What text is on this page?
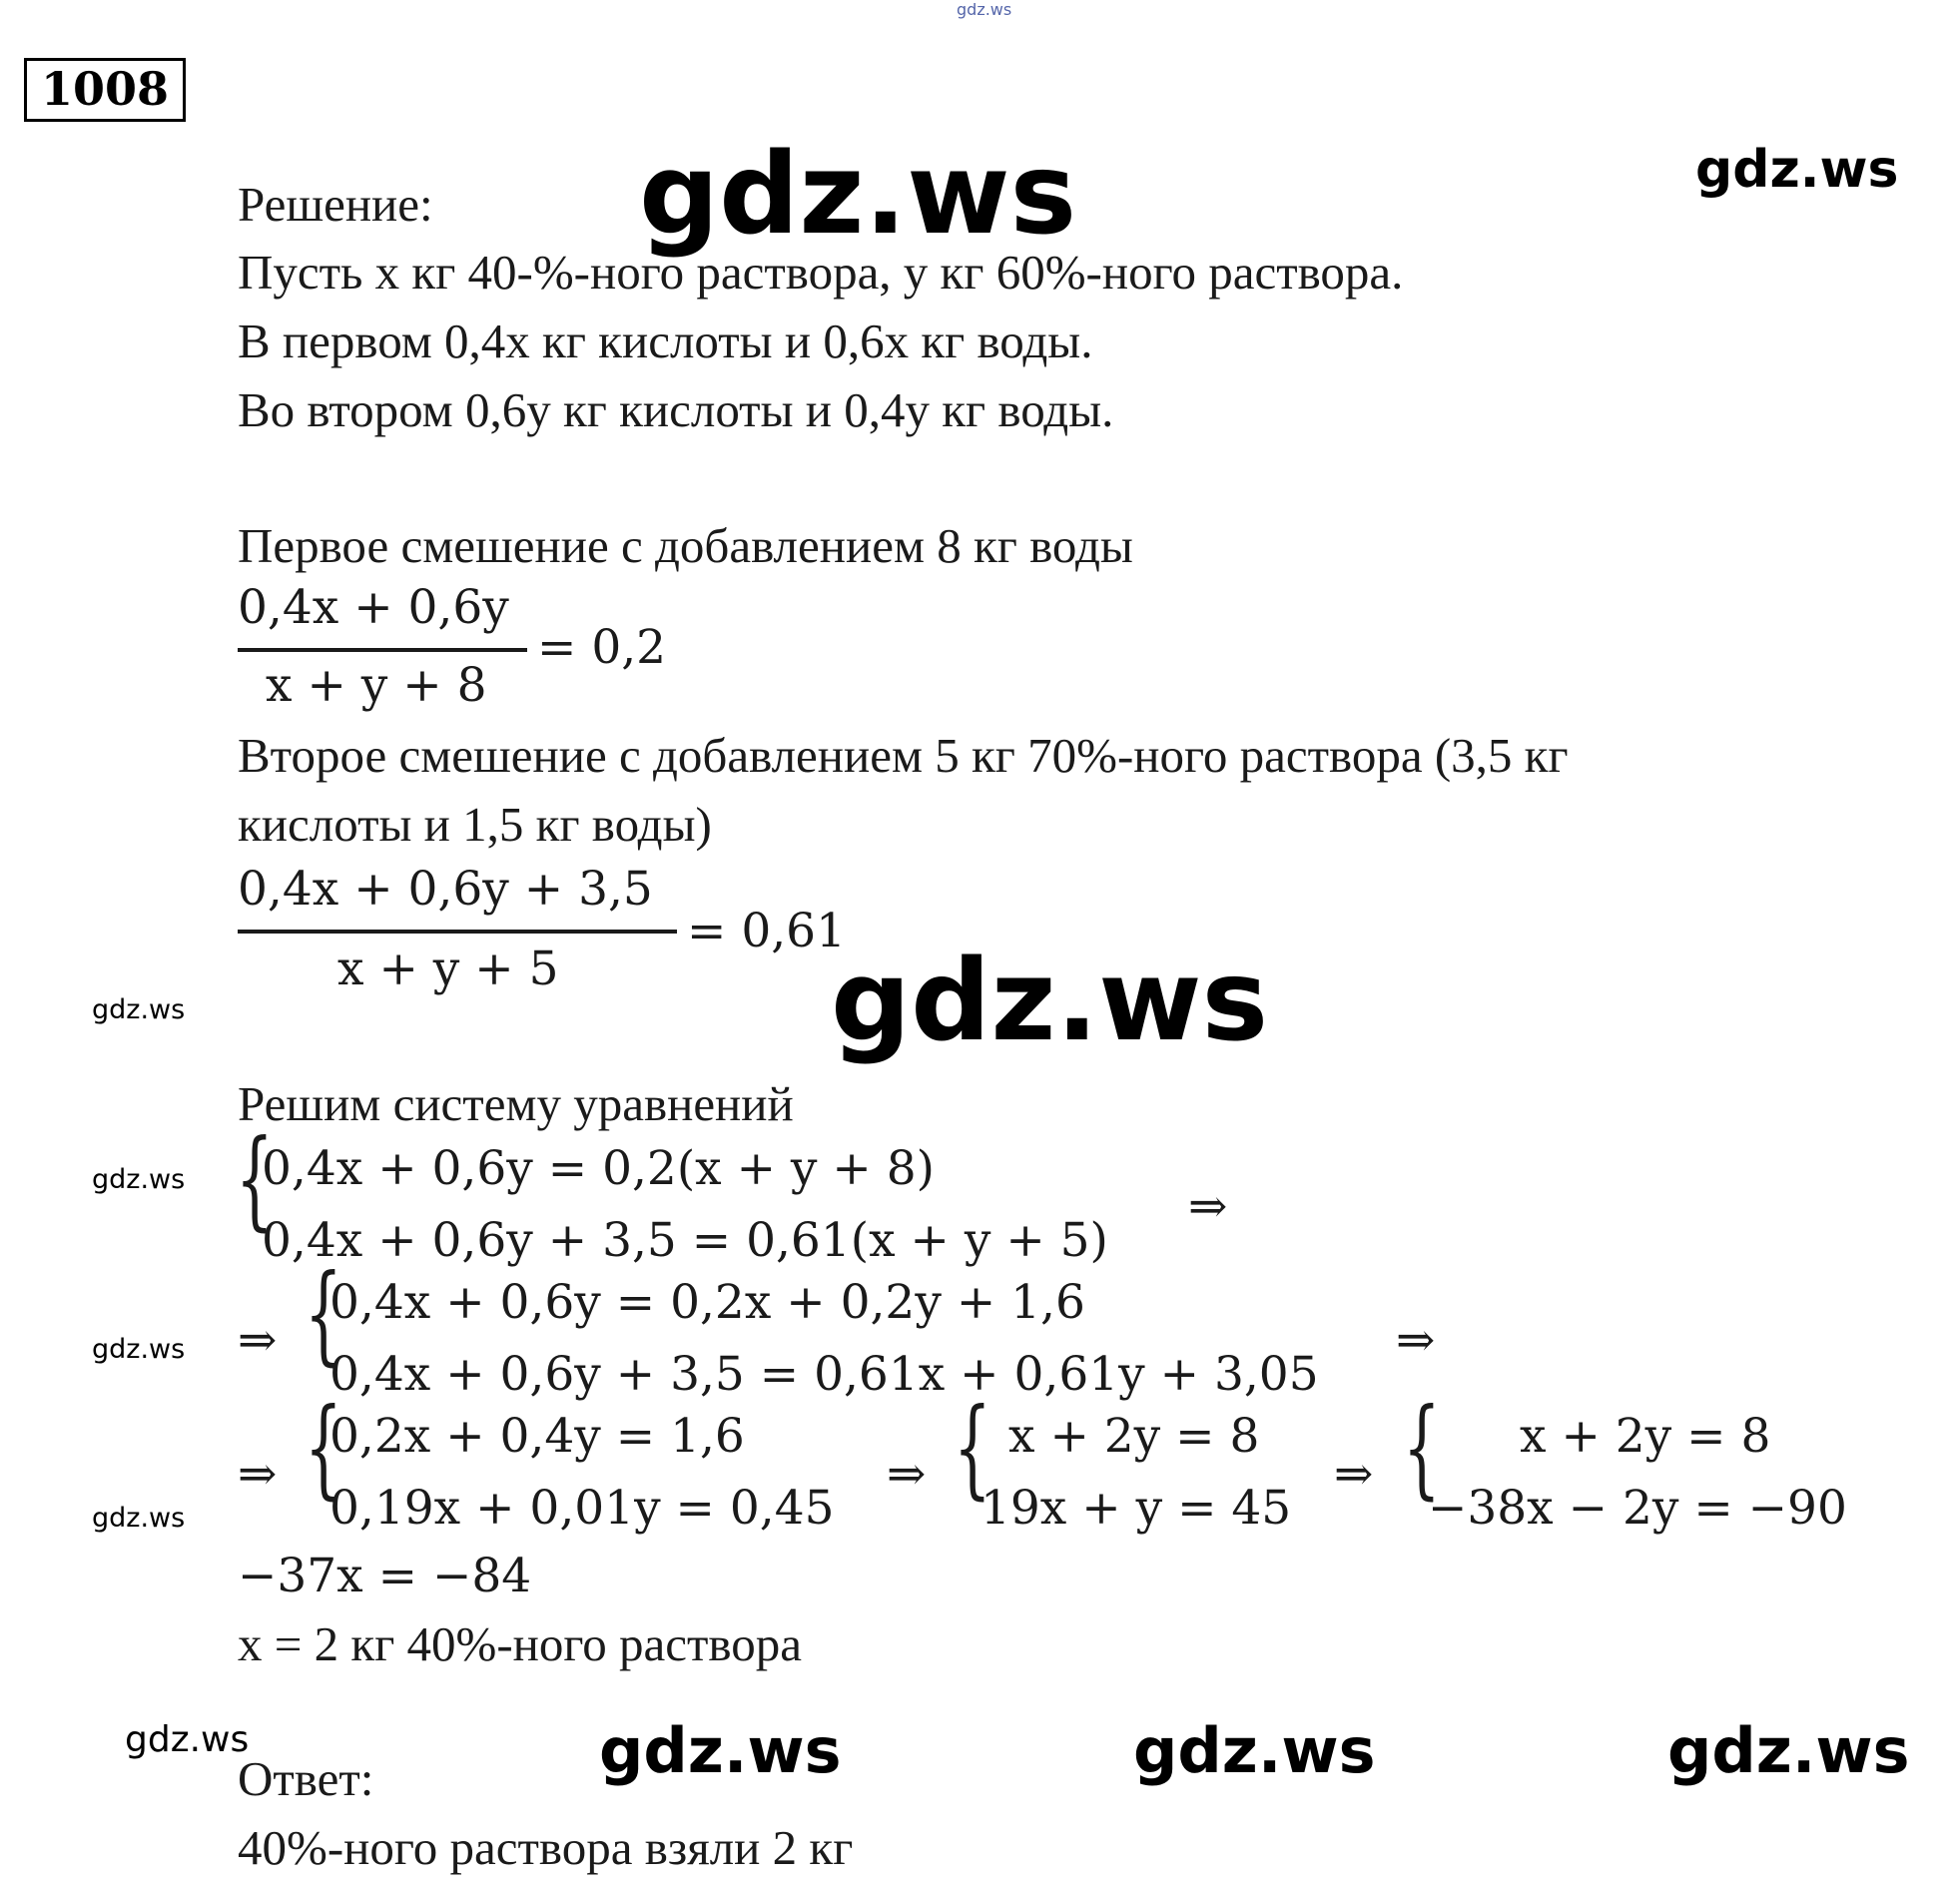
gdz.ws
gdz.ws	gdz.ws
gdz.ws
gdz.ws
gdz.ws
gdz.ws
gdz.ws
gdz.ws	gdz.ws	gdz.ws	gdz.ws
1008
Решение:
Пусть x кг 40-%-ного раствора, y кг 60%-ного раствора.
В первом 0,4x кг кислоты и 0,6x кг воды.
Во втором 0,6y кг кислоты и 0,4y кг воды.
Первое смешение с добавлением 8 кг воды
0,4x + 0,6y
x + y + 8
= 0,2
Второе смешение с добавлением 5 кг 70%-ного раствора (3,5 кг
кислоты и 1,5 кг воды)
0,4x + 0,6y + 3,5
x + y + 5
= 0,61
Решим систему уравнений
{
0,4x + 0,6y = 0,2(x + y + 8)
0,4x + 0,6y + 3,5 = 0,61(x + y + 5)
⇒
⇒ {
0,4x + 0,6y = 0,2x + 0,2y + 1,6
0,4x + 0,6y + 3,5 = 0,61x + 0,61y + 3,05
⇒
⇒ {
0,2x + 0,4y = 1,6
0,19x + 0,01y = 0,45
⇒ { x + 2y = 8
19x + y = 45
⇒ { x + 2y = 8
−38x − 2y = −90
−37x = −84
x = 2 кг 40%-ного раствора
Ответ:
40%-ного раствора взяли 2 кг
